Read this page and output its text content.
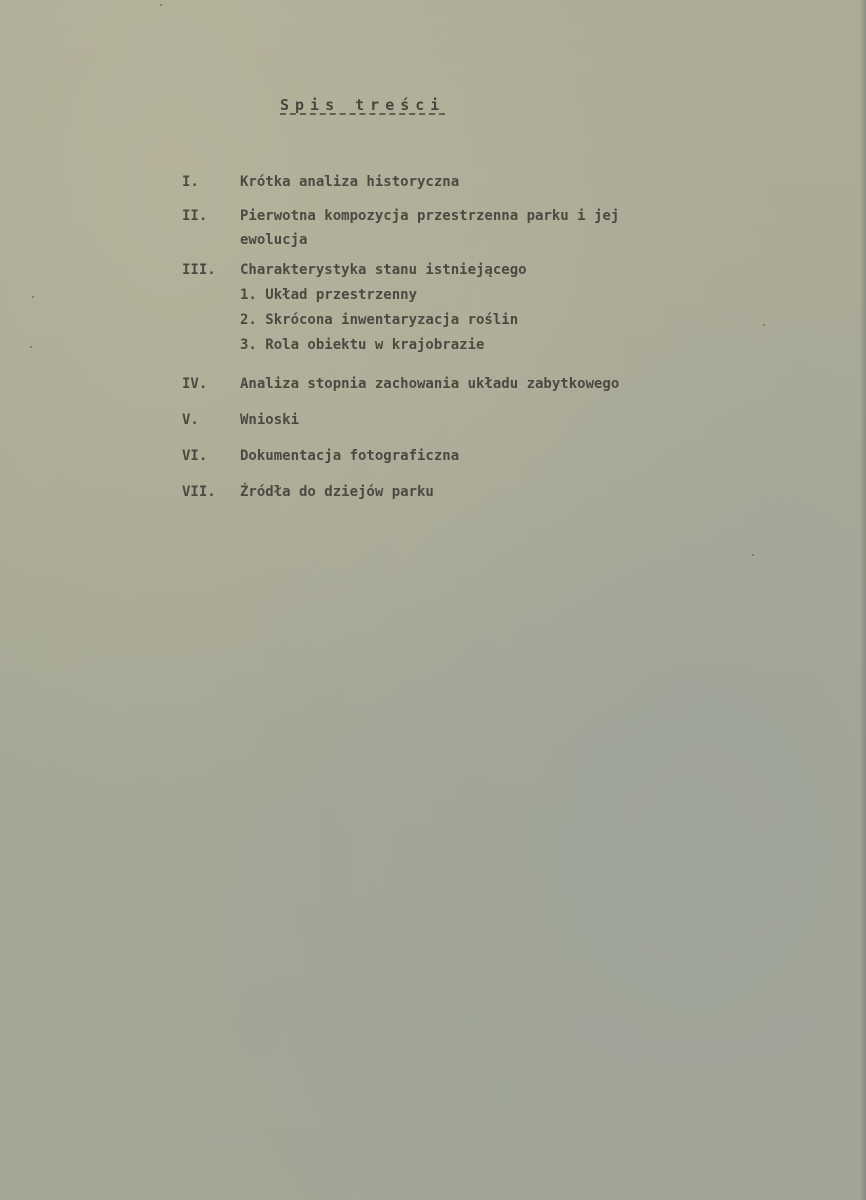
Spis treści
I.	Krótka analiza historyczna
II.	Pierwotna kompozycja przestrzenna parku i jej
ewolucja
III.	Charakterystyka stanu istniejącego
1. Układ przestrzenny
2. Skrócona inwentaryzacja roślin
3. Rola obiektu w krajobrazie
IV.	Analiza stopnia zachowania układu zabytkowego
V.	Wnioski
VI.	Dokumentacja fotograficzna
VII.	Źródła do dziejów parku
